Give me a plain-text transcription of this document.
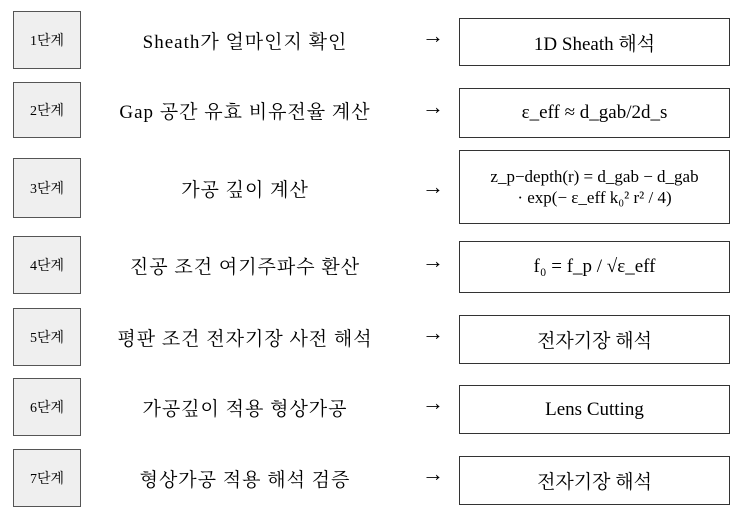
1단계	Sheath가 얼마인지 확인	→	1D Sheath 해석
2단계	Gap 공간 유효 비유전율 계산	→	ε_eff ≈ d_gab/2d_s
3단계	가공 깊이 계산	→	z_p−depth(r) = d_gab − d_gab
· exp(− ε_eff k₀² r² / 4)
4단계	진공 조건 여기주파수 환산	→	f₀ = f_p / √ε_eff
5단계	평판 조건 전자기장 사전 해석	→	전자기장 해석
6단계	가공깊이 적용 형상가공	→	Lens Cutting
7단계	형상가공 적용 해석 검증	→	전자기장 해석
